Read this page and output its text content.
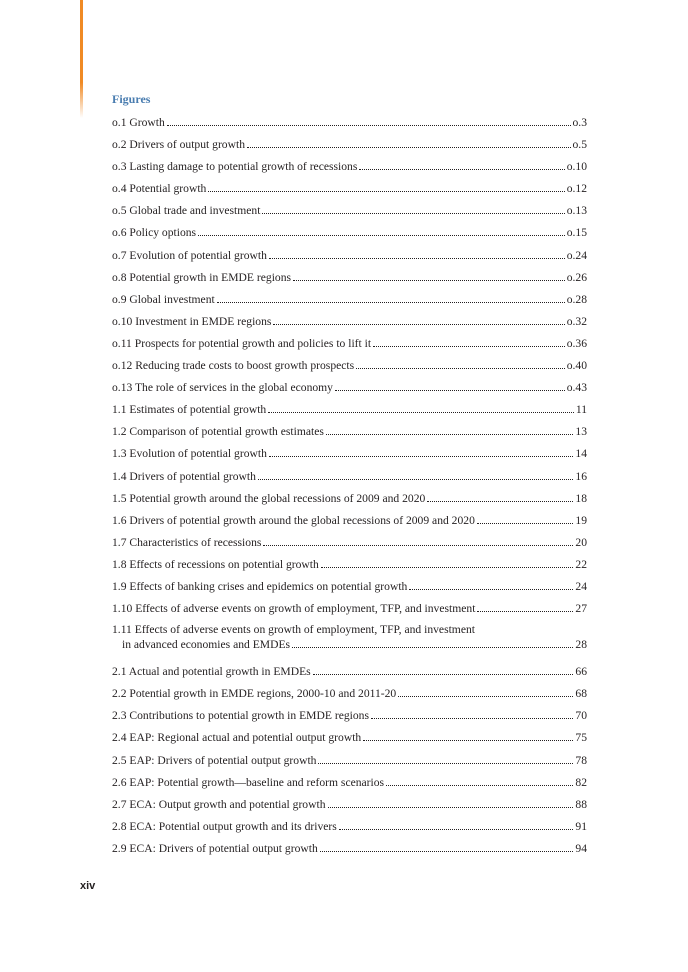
Figures
o.1 Growth	o.3
o.2 Drivers of output growth	o.5
o.3 Lasting damage to potential growth of recessions	o.10
o.4 Potential growth	o.12
o.5 Global trade and investment	o.13
o.6 Policy options	o.15
o.7 Evolution of potential growth	o.24
o.8 Potential growth in EMDE regions	o.26
o.9 Global investment	o.28
o.10 Investment in EMDE regions	o.32
o.11 Prospects for potential growth and policies to lift it	o.36
o.12 Reducing trade costs to boost growth prospects	o.40
o.13 The role of services in the global economy	o.43
1.1 Estimates of potential growth	11
1.2 Comparison of potential growth estimates	13
1.3 Evolution of potential growth	14
1.4 Drivers of potential growth	16
1.5 Potential growth around the global recessions of 2009 and 2020	18
1.6 Drivers of potential growth around the global recessions of 2009 and 2020	19
1.7 Characteristics of recessions	20
1.8 Effects of recessions on potential growth	22
1.9 Effects of banking crises and epidemics on potential growth	24
1.10 Effects of adverse events on growth of employment, TFP, and investment	27
1.11 Effects of adverse events on growth of employment, TFP, and investment
in advanced economies and EMDEs	28
2.1 Actual and potential growth in EMDEs	66
2.2 Potential growth in EMDE regions, 2000-10 and 2011-20	68
2.3 Contributions to potential growth in EMDE regions	70
2.4 EAP: Regional actual and potential output growth	75
2.5 EAP: Drivers of potential output growth	78
2.6 EAP: Potential growth—baseline and reform scenarios	82
2.7 ECA: Output growth and potential growth	88
2.8 ECA: Potential output growth and its drivers	91
2.9 ECA: Drivers of potential output growth	94
xiv
